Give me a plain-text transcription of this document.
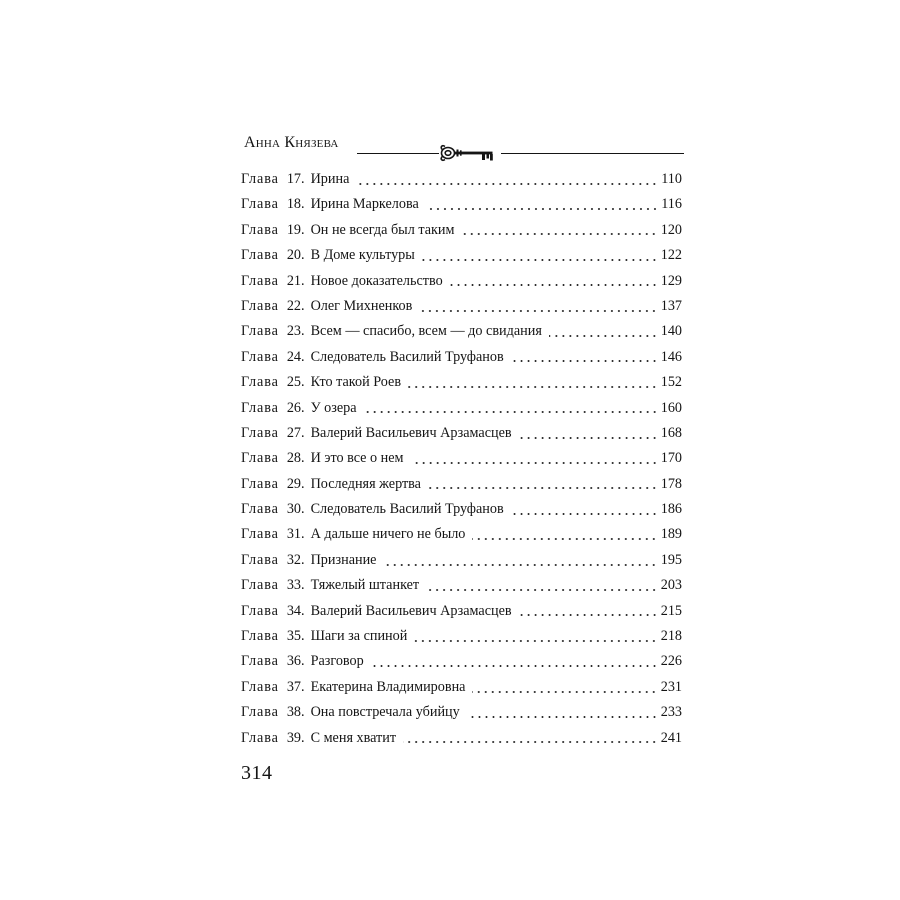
Анна Князева
Глава 17. Ирина	110
Глава 18. Ирина Маркелова	116
Глава 19. Он не всегда был таким	120
Глава 20. В Доме культуры	122
Глава 21. Новое доказательство	129
Глава 22. Олег Михненков	137
Глава 23. Всем — спасибо, всем — до свидания	140
Глава 24. Следователь Василий Труфанов	146
Глава 25. Кто такой Роев	152
Глава 26. У озера	160
Глава 27. Валерий Васильевич Арзамасцев	168
Глава 28. И это все о нем	170
Глава 29. Последняя жертва	178
Глава 30. Следователь Василий Труфанов	186
Глава 31. А дальше ничего не было	189
Глава 32. Признание	195
Глава 33. Тяжелый штанкет	203
Глава 34. Валерий Васильевич Арзамасцев	215
Глава 35. Шаги за спиной	218
Глава 36. Разговор	226
Глава 37. Екатерина Владимировна	231
Глава 38. Она повстречала убийцу	233
Глава 39. С меня хватит	241
314
